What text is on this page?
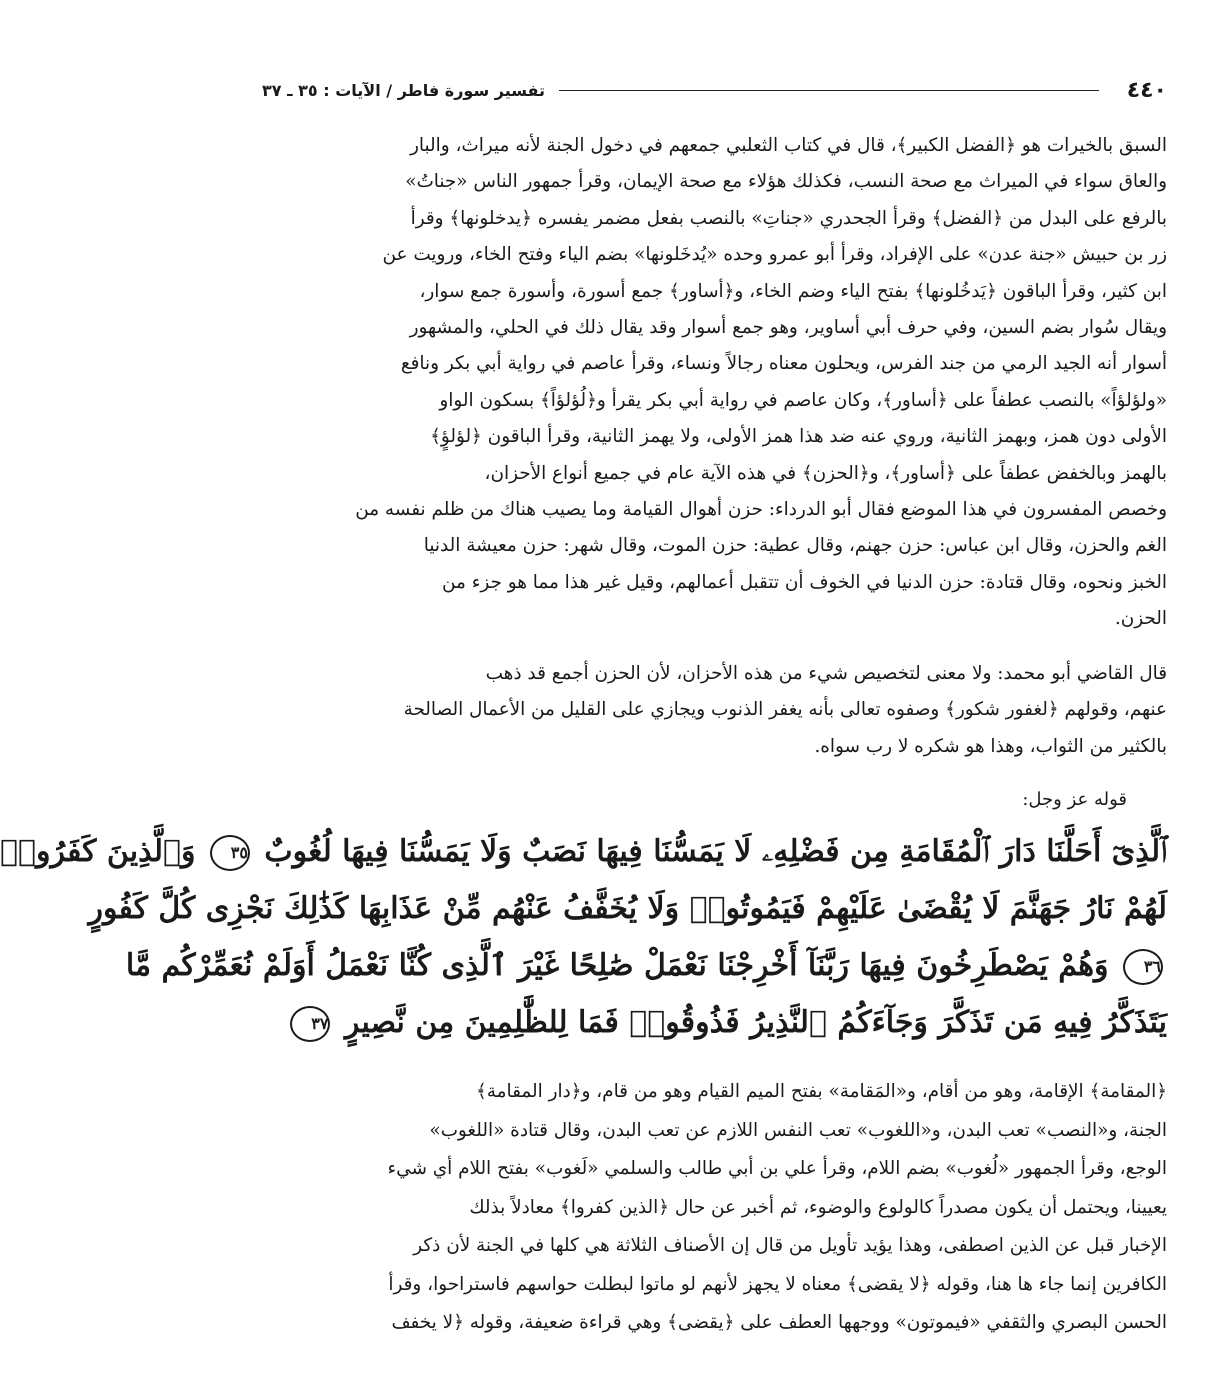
٤٤٠
تفسير سورة فاطر / الآيات : ٣٥ ـ ٣٧

السبق بالخيرات هو ﴿الفضل الكبير﴾، قال في كتاب الثعلبي جمعهم في دخول الجنة لأنه ميراث، والبار

والعاق سواء في الميراث مع صحة النسب، فكذلك هؤلاء مع صحة الإيمان، وقرأ جمهور الناس «جناتُ»

بالرفع على البدل من ﴿الفضل﴾ وقرأ الجحدري «جناتِ» بالنصب بفعل مضمر يفسره ﴿يدخلونها﴾ وقرأ

زر بن حبيش «جنة عدن» على الإفراد، وقرأ أبو عمرو وحده «يُدخَلونها» بضم الياء وفتح الخاء، ورويت عن

ابن كثير، وقرأ الباقون ﴿يَدخُلونها﴾ بفتح الياء وضم الخاء، و﴿أساور﴾ جمع أسورة، وأسورة جمع سوار،

ويقال سُوار بضم السين، وفي حرف أبي أساوير، وهو جمع أسوار وقد يقال ذلك في الحلي، والمشهور

أسوار أنه الجيد الرمي من جند الفرس، ويحلون معناه رجالاً ونساء، وقرأ عاصم في رواية أبي بكر ونافع

«ولؤلؤاً» بالنصب عطفاً على ﴿أساور﴾، وكان عاصم في رواية أبي بكر يقرأ و﴿لُؤلؤاً﴾ بسكون الواو

الأولى دون همز، وبهمز الثانية، وروي عنه ضد هذا همز الأولى، ولا يهمز الثانية، وقرأ الباقون ﴿لؤلؤٍ﴾

بالهمز وبالخفض عطفاً على ﴿أساور﴾، و﴿الحزن﴾ في هذه الآية عام في جميع أنواع الأحزان،

وخصص المفسرون في هذا الموضع فقال أبو الدرداء: حزن أهوال القيامة وما يصيب هناك من ظلم نفسه من

الغم والحزن، وقال ابن عباس: حزن جهنم، وقال عطية: حزن الموت، وقال شهر: حزن معيشة الدنيا

الخبز ونحوه، وقال قتادة: حزن الدنيا في الخوف أن تتقبل أعمالهم، وقيل غير هذا مما هو جزء من

الحزن.

قال القاضي أبو محمد: ولا معنى لتخصيص شيء من هذه الأحزان، لأن الحزن أجمع قد ذهب

عنهم، وقولهم ﴿لغفور شكور﴾ وصفوه تعالى بأنه يغفر الذنوب ويجازي على القليل من الأعمال الصالحة

بالكثير من الثواب، وهذا هو شكره لا رب سواه.

قوله عز وجل:

ٱلَّذِىٓ أَحَلَّنَا دَارَ ٱلْمُقَامَةِ مِن فَضْلِهِۦ لَا يَمَسُّنَا فِيهَا نَصَبٌ وَلَا يَمَسُّنَا فِيهَا لُغُوبٌ ٣٥ وَٱلَّذِينَ كَفَرُوا۟

لَهُمْ نَارُ جَهَنَّمَ لَا يُقْضَىٰ عَلَيْهِمْ فَيَمُوتُوا۟ وَلَا يُخَفَّفُ عَنْهُم مِّنْ عَذَابِهَا كَذَٰلِكَ نَجْزِى كُلَّ كَفُورٍ

٣٦ وَهُمْ يَصْطَرِخُونَ فِيهَا رَبَّنَآ أَخْرِجْنَا نَعْمَلْ صَٰلِحًا غَيْرَ ٱلَّذِى كُنَّا نَعْمَلُ أَوَلَمْ نُعَمِّرْكُم مَّا

يَتَذَكَّرُ فِيهِ مَن تَذَكَّرَ وَجَآءَكُمُ ٱلنَّذِيرُ فَذُوقُوا۟ فَمَا لِلظَّٰلِمِينَ مِن نَّصِيرٍ ٣٧

﴿المقامة﴾ الإقامة، وهو من أقام، و«المَقامة» بفتح الميم القيام وهو من قام، و﴿دار المقامة﴾

الجنة، و«النصب» تعب البدن، و«اللغوب» تعب النفس اللازم عن تعب البدن، وقال قتادة «اللغوب»

الوجع، وقرأ الجمهور «لُغوب» بضم اللام، وقرأ علي بن أبي طالب والسلمي «لَغوب» بفتح اللام أي شيء

يعيينا، ويحتمل أن يكون مصدراً كالولوع والوضوء، ثم أخبر عن حال ﴿الذين كفروا﴾ معادلاً بذلك

الإخبار قبل عن الذين اصطفى، وهذا يؤيد تأويل من قال إن الأصناف الثلاثة هي كلها في الجنة لأن ذكر

الكافرين إنما جاء ها هنا، وقوله ﴿لا يقضى﴾ معناه لا يجهز لأنهم لو ماتوا لبطلت حواسهم فاستراحوا، وقرأ

الحسن البصري والثقفي «فيموتون» ووجهها العطف على ﴿يقضى﴾ وهي قراءة ضعيفة، وقوله ﴿لا يخفف
